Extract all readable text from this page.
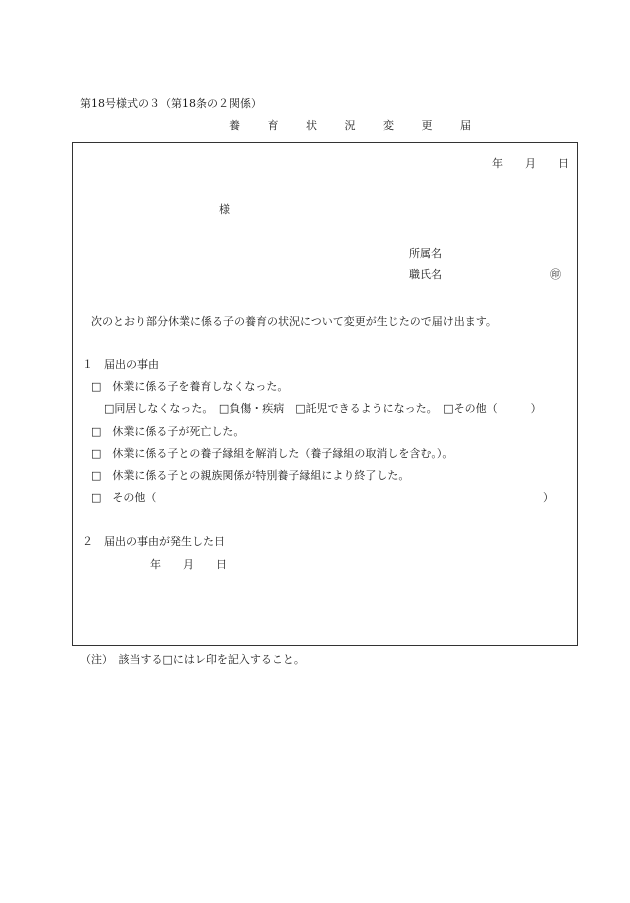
第18号様式の３（第18条の２関係）
養 育 状 況 変 更 届
年　　月　　日
様
所属名
職氏名	㊞
次のとおり部分休業に係る子の養育の状況について変更が生じたので届け出ます。
１　届出の事由
□　休業に係る子を養育しなくなった。
□同居しなくなった。　□負傷・疾病　□託児できるようになった。　□その他（　　　）
□　休業に係る子が死亡した。
□　休業に係る子との養子縁組を解消した（養子縁組の取消しを含む。）。
□　休業に係る子との親族関係が特別養子縁組により終了した。
□　その他（	）
２　届出の事由が発生した日
年　　月　　日
（注）　該当する□にはレ印を記入すること。
